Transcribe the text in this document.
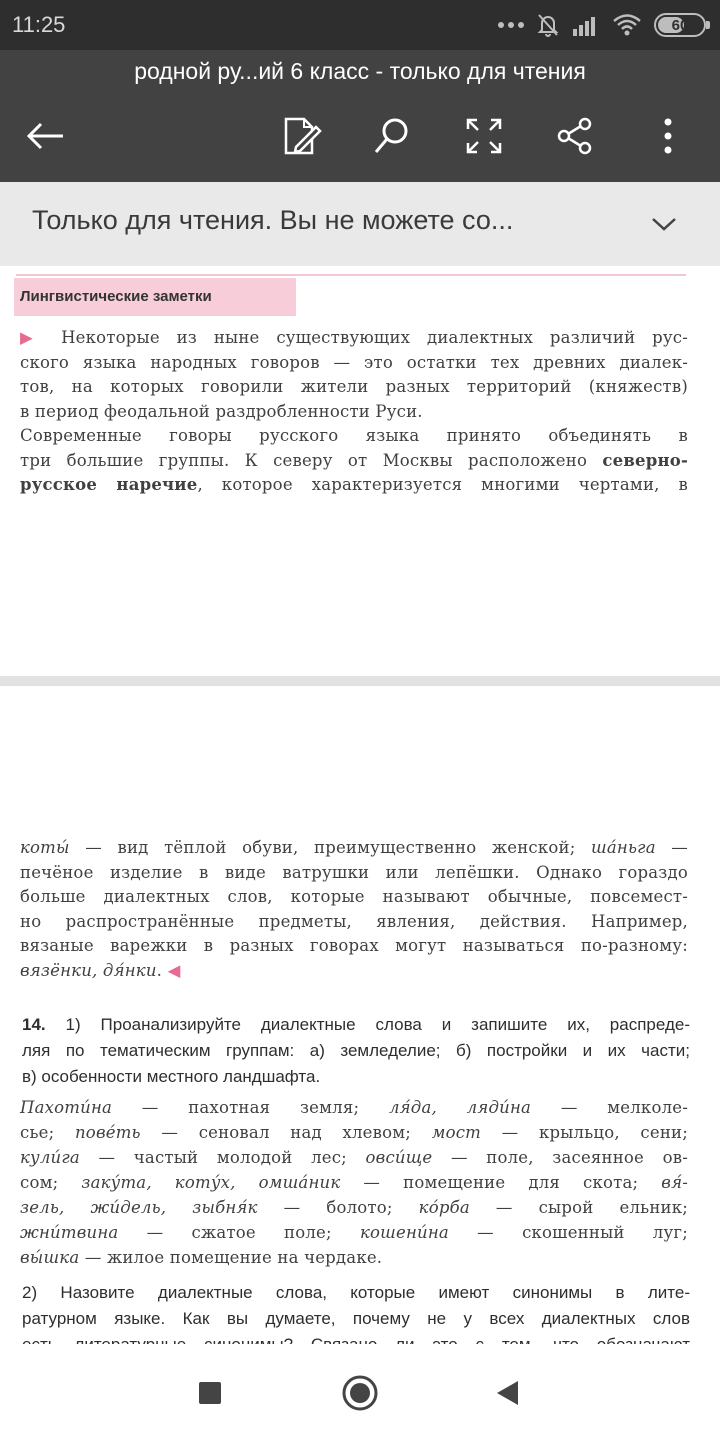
11:25	60
родной ру...ий 6 класс - только для чтения
Только для чтения. Вы не можете со...
Лингвистические заметки
▶ Некоторые из ныне существующих диалектных различий рус-
ского языка народных говоров — это остатки тех древних диалек-
тов, на которых говорили жители разных территорий (княжеств)
в период феодальной раздробленности Руси.
Современные говоры русского языка принято объединять в
три большие группы. К северу от Москвы расположено северно-
русское наречие, которое характеризуется многими чертами, в
коты́ — вид тёплой обуви, преимущественно женской; ша́ньга —
печёное изделие в виде ватрушки или лепёшки. Однако гораздо
больше диалектных слов, которые называют обычные, повсемест-
но распространённые предметы, явления, действия. Например,
вязаные варежки в разных говорах могут называться по-разному:
вязёнки, дя́нки. ◀
14. 1) Проанализируйте диалектные слова и запишите их, распреде-
ляя по тематическим группам: а) земледелие; б) постройки и их части;
в) особенности местного ландшафта.
Пахоти́на — пахотная земля; ля́да, ляди́на — мелколе-
сье; пове́ть — сеновал над хлевом; мост — крыльцо, сени;
кули́га — частый молодой лес; овси́ще — поле, засеянное ов-
сом; заку́та, коту́х, омша́ник — помещение для скота; вя́-
зель, жи́дель, зыбня́к — болото; ко́рба — сырой ельник;
жни́твина — сжатое поле; кошени́на — скошенный луг;
вы́шка — жилое помещение на чердаке.
2) Назовите диалектные слова, которые имеют синонимы в лите-
ратурном языке. Как вы думаете, почему не у всех диалектных слов
